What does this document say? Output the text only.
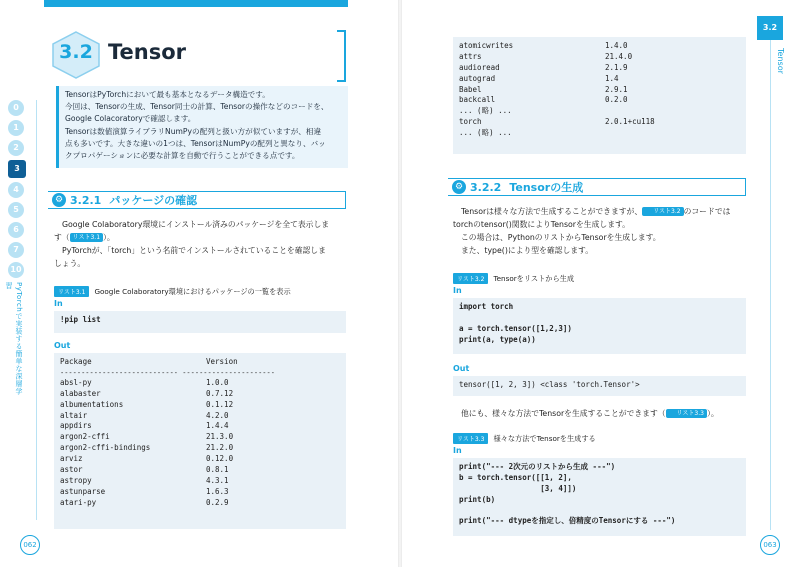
0
1
2
3
4
5
6
7
10
PyTorchで実装する簡単な深層学習
3.2 Tensor

TensorはPyTorchにおいて最も基本となるデータ構造です。

今回は、Tensorの生成、Tensor同士の計算、Tensorの操作などのコードを、

Google Colacoratoryで確認します。

Tensorは数値演算ライブラリNumPyの配列と扱い方が似ていますが、相違

点も多いです。大きな違いの1つは、TensorはNumPyの配列と異なり、バッ

クプロパゲーションに必要な計算を自動で行うことができる点です。

⚙ 3.2.1 パッケージの確認
Google Colaboratory環境にインストール済みのパッケージを全て表示しま
す（ リスト3.1 ）。
PyTorchが、「torch」という名前でインストールされていることを確認しま
しょう。
リスト3.1	Google Colaboratory環境におけるパッケージの一覧を表示
In
!pip list
Out
Package	Version
---------------------------- ----------------------
absl-py	1.0.0
alabaster	0.7.12
albumentations	0.1.12
altair	4.2.0
appdirs	1.4.4
argon2-cffi	21.3.0
argon2-cffi-bindings	21.2.0
arviz	0.12.0
astor	0.8.1
astropy	4.3.1
astunparse	1.6.3
atari-py	0.2.9
062
3.2
Tensor
atomicwrites	1.4.0
attrs	21.4.0
audioread	2.1.9
autograd	1.4
Babel	2.9.1
backcall	0.2.0
... (略) ...
torch	2.0.1+cu118
... (略) ...
⚙ 3.2.2 Tensorの生成
Tensorは様々な方法で生成することができますが、 リスト3.2 のコードでは
torchのtensor()関数によりTensorを生成します。
この場合は、PythonのリストからTensorを生成します。
また、type()により型を確認します。
リスト3.2	Tensorをリストから生成
In
import torch
a = torch.tensor([1,2,3])
print(a, type(a))
Out
tensor([1, 2, 3]) <class 'torch.Tensor'>
他にも、様々な方法でTensorを生成することができます（ リスト3.3 ）。
リスト3.3	様々な方法でTensorを生成する
In
print("--- 2次元のリストから生成 ---")
b = torch.tensor([[1, 2],
[3, 4]])
print(b)
print("--- dtypeを指定し、倍精度のTensorにする ---")
063
